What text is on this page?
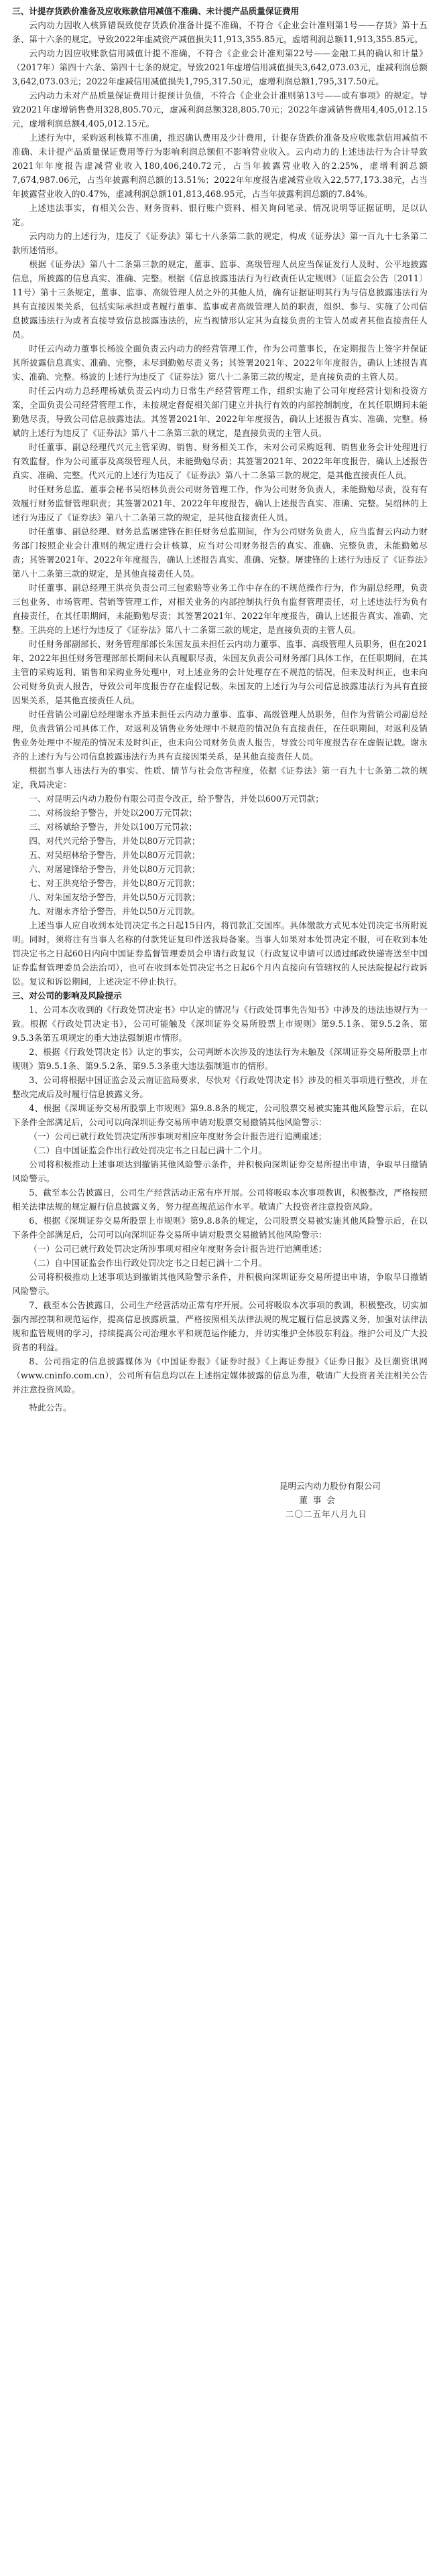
三、计提存货跌价准备及应收账款信用减值不准确、未计提产品质量保证费用

云内动力因收入核算错误致使存货跌价准备计提不准确，不符合《企业会计准则第1号——存货》第十五条、第十六条的规定。导致2022年虚减资产减值损失11,913,355.85元，虚增利润总额11,913,355.85元。

云内动力因应收账款信用减值计提不准确，不符合《企业会计准则第22号——金融工具的确认和计量》（2017年）第四十六条、第四十七条的规定。导致2021年虚增信用减值损失3,642,073.03元，虚减利润总额3,642,073.03元；2022年虚减信用减值损失1,795,317.50元，虚增利润总额1,795,317.50元。

云内动力未对产品质量保证费用计提预计负债，不符合《企业会计准则第13号——或有事项》的规定。导致2021年虚增销售费用328,805.70元，虚减利润总额328,805.70元；2022年虚减销售费用4,405,012.15元，虚增利润总额4,405,012.15元。

上述行为中，采购返利核算不准确，推迟确认费用及少计费用，计提存货跌价准备及应收账款信用减值不准确、未计提产品质量保证费用等行为影响利润总额但不影响营业收入。云内动力的上述违法行为合计导致2021年年度报告虚减营业收入180,406,240.72元，占当年披露营业收入的2.25%，虚增利润总额7,674,987.06元，占当年披露利润总额的13.51%；2022年年度报告虚减营业收入22,577,173.38元，占当年披露营业收入的0.47%，虚减利润总额101,813,468.95元，占当年披露利润总额的7.84%。

上述违法事实，有相关公告、财务资料、银行账户资料、相关询问笔录、情况说明等证据证明，足以认定。

云内动力的上述行为，违反了《证券法》第七十八条第二款的规定，构成《证券法》第一百九十七条第二款所述情形。

根据《证券法》第八十二条第三款的规定，董事、监事、高级管理人员应当保证发行人及时、公平地披露信息，所披露的信息真实、准确、完整。根据《信息披露违法行为行政责任认定规则》（证监会公告〔2011〕11号）第十三条规定，董事、监事、高级管理人员之外的其他人员，确有证据证明其行为与信息披露违法行为具有直接因果关系，包括实际承担或者履行董事、监事或者高级管理人员的职责，组织、参与、实施了公司信息披露违法行为或者直接导致信息披露违法的，应当视情形认定其为直接负责的主管人员或者其他直接责任人员。

时任云内动力董事长杨波全面负责云内动力的经营管理工作，作为公司董事长，在定期报告上签字并保证其所披露信息真实、准确、完整，未尽到勤勉尽责义务；其签署2021年、2022年年度报告，确认上述报告真实、准确、完整。杨波的上述行为违反了《证券法》第八十二条第三款的规定，是直接负责的主管人员。

时任云内动力总经理杨斌负责云内动力日常生产经营管理工作，组织实施了公司年度经营计划和投资方案，全面负责公司经营管理工作，未按规定督促相关部门建立并执行有效的内部控制制度，在其任职期间未能勤勉尽责，导致公司信息披露违法。其签署2021年、2022年年度报告，确认上述报告真实、准确、完整。杨斌的上述行为违反了《证券法》第八十二条第三款的规定，是直接负责的主管人员。

时任董事、副总经理代兴元主管采购、销售、财务相关工作，未对公司采购返利、销售业务会计处理进行有效监督，作为公司董事及高级管理人员，未能勤勉尽责；其签署2021年、2022年年度报告，确认上述报告真实、准确、完整。代兴元的上述行为违反了《证券法》第八十二条第三款的规定，是其他直接责任人员。

时任财务总监、董事会秘书吴绍林负责公司财务管理工作，作为公司财务负责人，未能勤勉尽责，没有有效履行财务监督管理职责；其签署2021年、2022年年度报告，确认上述报告真实、准确、完整。吴绍林的上述行为违反了《证券法》第八十二条第三款的规定，是其他直接责任人员。

时任董事、副总经理、财务总监屠建锋在担任财务总监期间，作为公司财务负责人，应当监督云内动力财务部门按照企业会计准则的规定进行会计核算，应当对公司财务报告的真实、准确、完整负责，未能勤勉尽责；其签署2021年、2022年年度报告，确认上述报告真实、准确、完整。屠建锋的上述行为违反了《证券法》第八十二条第三款的规定，是其他直接责任人员。

时任董事、副总经理王洪亮负责公司三包索赔等业务工作中存在的不规范操作行为，作为副总经理，负责三包业务、市场管理、营销等管理工作，对相关业务的内部控制执行负有监督管理责任，对上述违法行为负有直接责任，在其任职期间，未能勤勉尽责；其签署2021年、2022年年度报告，确认上述报告真实、准确、完整。王洪亮的上述行为违反了《证券法》第八十二条第三款的规定，是直接负责的主管人员。

时任财务部副部长、财务管理部部长朱国友虽未担任云内动力董事、监事、高级管理人员职务，但在2021年、2022年担任财务管理部部长期间未认真履职尽责，朱国友负责公司财务部门具体工作，在任职期间，在其主管的采购返利、销售和采购业务处理中，对上述业务的会计处理存在不规范的情况，但未及时纠正，也未向公司财务负责人报告，导致公司年度报告存在虚假记载。朱国友的上述行为与公司信息披露违法行为具有直接因果关系，是其他直接责任人员。

时任营销公司副总经理谢永齐虽未担任云内动力董事、监事、高级管理人员职务，但作为营销公司副总经理，负责营销公司具体工作，对返利及销售业务处理中不规范的情况负有直接责任，在任职期间，对返利及销售业务处理中不规范的情况未及时纠正，也未向公司财务负责人报告，导致公司年度报告存在虚假记载。谢永齐的上述行为与公司信息披露违法行为具有直接因果关系，是其他直接责任人员。

根据当事人违法行为的事实、性质、情节与社会危害程度，依据《证券法》第一百九十七条第二款的规定，我局决定：

一、对昆明云内动力股份有限公司责令改正，给予警告，并处以600万元罚款；

二、对杨波给予警告，并处以200万元罚款；

三、对杨斌给予警告，并处以100万元罚款；

四、对代兴元给予警告，并处以80万元罚款；

五、对吴绍林给予警告，并处以80万元罚款；

六、对屠建锋给予警告，并处以80万元罚款；

七、对王洪亮给予警告，并处以80万元罚款；

八、对朱国友给予警告，并处以50万元罚款；

九、对谢永齐给予警告，并处以50万元罚款。

上述当事人应自收到本处罚决定书之日起15日内，将罚款汇交国库。具体缴款方式见本处罚决定书所附说明。同时，须将注有当事人名称的付款凭证复印件送我局备案。当事人如果对本处罚决定不服，可在收到本处罚决定书之日起60日内向中国证券监督管理委员会申请行政复议（行政复议申请可以通过邮政快递寄送至中国证券监督管理委员会法治司），也可在收到本处罚决定书之日起6个月内直接向有管辖权的人民法院提起行政诉讼。复议和诉讼期间，上述决定不停止执行。

三、对公司的影响及风险提示

1、公司本次收到的《行政处罚决定书》中认定的情况与《行政处罚事先告知书》中涉及的违法违规行为一致。根据《行政处罚决定书》，公司可能触及《深圳证券交易所股票上市规则》第9.5.1条、第9.5.2条、第9.5.3条第五项规定的重大违法强制退市情形。

2、根据《行政处罚决定书》认定的事实，公司判断本次涉及的违法行为未触及《深圳证券交易所股票上市规则》第9.5.1条、第9.5.2条、第9.5.3条重大违法强制退市的情形。

3、公司将根据中国证监会及云南证监局要求，尽快对《行政处罚决定书》涉及的相关事项进行整改，并在整改完成后及时履行信息披露义务。

4、根据《深圳证券交易所股票上市规则》第9.8.8条的规定，公司股票交易被实施其他风险警示后，在以下条件全部满足后，公司可以向深圳证券交易所申请对股票交易撤销其他风险警示：

（一）公司已就行政处罚决定所涉事项对相应年度财务会计报告进行追溯重述；

（二）自中国证监会作出行政处罚决定书之日起已满十二个月。

公司将积极推动上述事项达到撤销其他风险警示条件，并积极向深圳证券交易所提出申请，争取早日撤销风险警示。

5、截至本公告披露日，公司生产经营活动正常有序开展。公司将吸取本次事项教训，积极整改，严格按照相关法律法规的规定履行信息披露义务，努力提高规范运作水平。敬请广大投资者注意投资风险。

6、根据《深圳证券交易所股票上市规则》第9.8.8条的规定，公司股票交易被实施其他风险警示后，在以下条件全部满足后，公司可以向深圳证券交易所申请对股票交易撤销其他风险警示：

（一）公司已就行政处罚决定所涉事项对相应年度财务会计报告进行追溯重述；

（二）自中国证监会作出行政处罚决定书之日起已满十二个月。

公司将积极推动上述事项达到撤销其他风险警示条件，并积极向深圳证券交易所提出申请，争取早日撤销风险警示。

7、截至本公告披露日，公司生产经营活动正常有序开展。公司将吸取本次事项的教训，积极整改，切实加强内部控制和规范运作，提高信息披露质量，严格按照相关法律法规的规定履行信息披露义务，加强对法律法规和监管规则的学习，持续提高公司治理水平和规范运作能力，并切实维护全体股东利益。维护公司及广大投资者的利益。

8、公司指定的信息披露媒体为《中国证券报》《证券时报》《上海证券报》《证券日报》及巨潮资讯网（www.cninfo.com.cn），公司所有信息均以在上述指定媒体披露的信息为准，敬请广大投资者关注相关公告并注意投资风险。

特此公告。

昆明云内动力股份有限公司
董事会
二〇二五年八月九日
